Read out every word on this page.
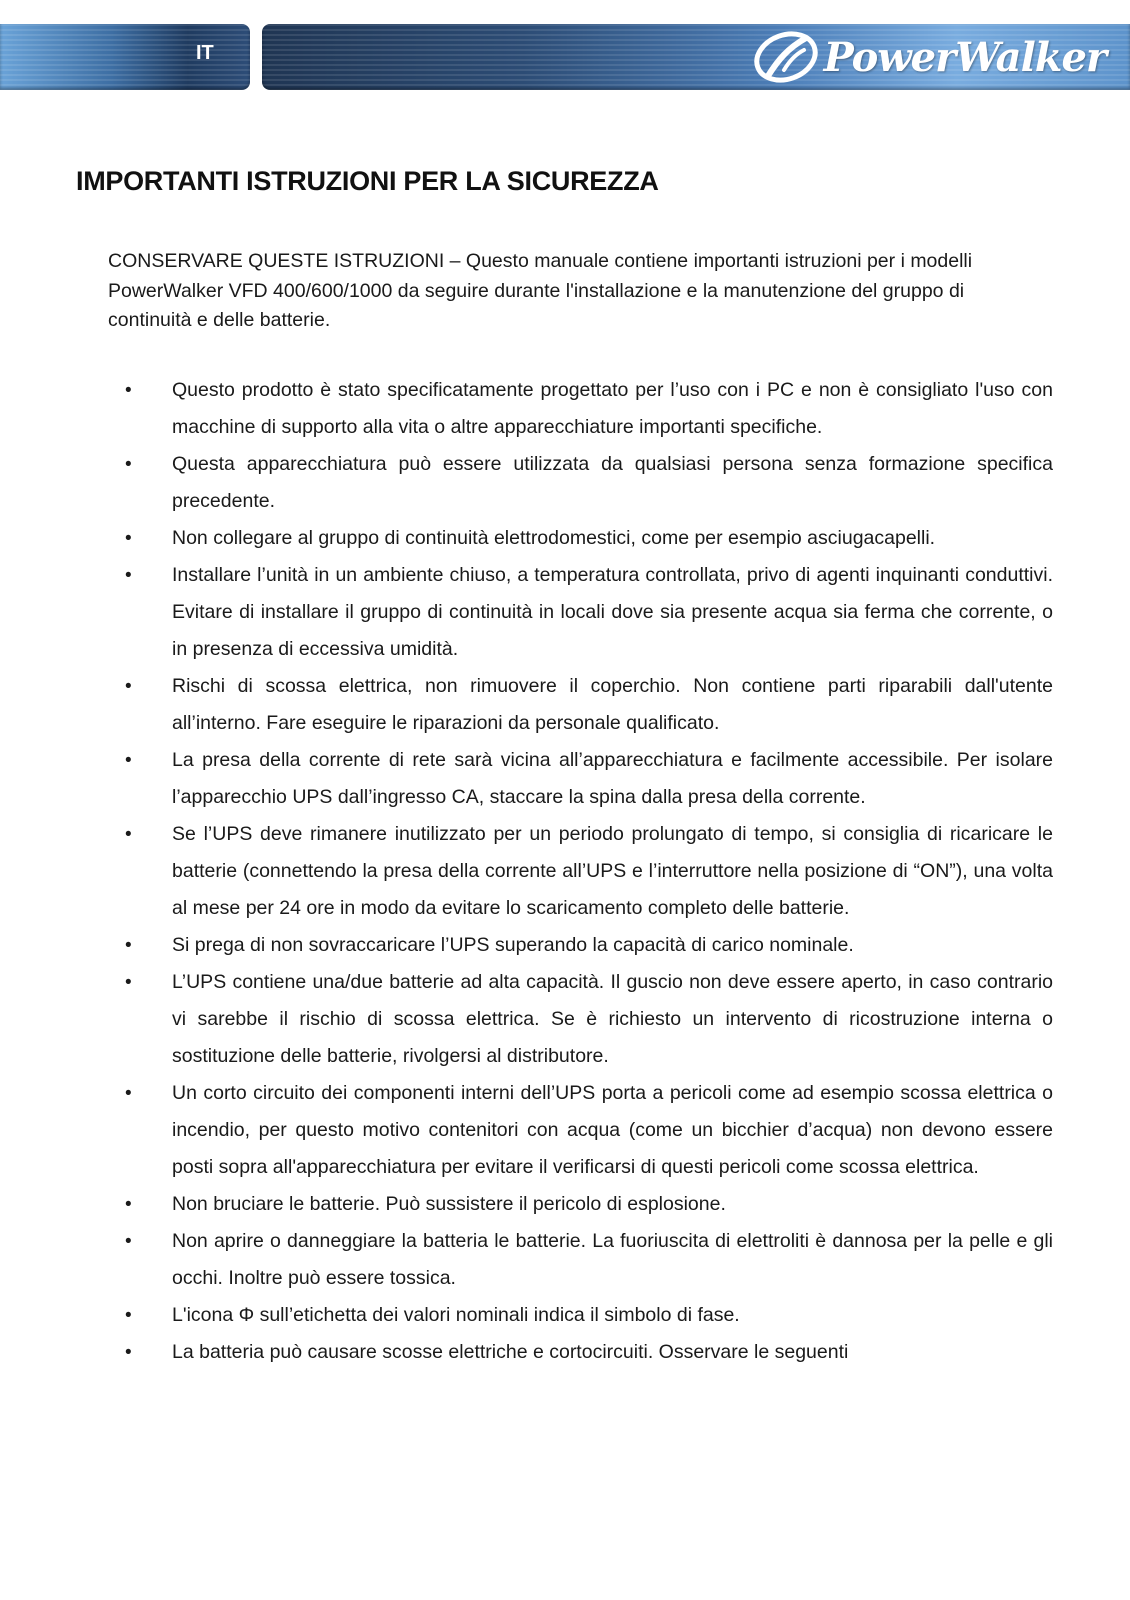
IT	PowerWalker
IMPORTANTI ISTRUZIONI PER LA SICUREZZA

CONSERVARE QUESTE ISTRUZIONI – Questo manuale contiene importanti istruzioni per i modelli PowerWalker VFD 400/600/1000 da seguire durante l'installazione e la manutenzione del gruppo di continuità e delle batterie.

• Questo prodotto è stato specificatamente progettato per l’uso con i PC e non è consigliato l'uso con macchine di supporto alla vita o altre apparecchiature importanti specifiche.
• Questa apparecchiatura può essere utilizzata da qualsiasi persona senza formazione specifica precedente.
• Non collegare al gruppo di continuità elettrodomestici, come per esempio asciugacapelli.
• Installare l’unità in un ambiente chiuso, a temperatura controllata, privo di agenti inquinanti conduttivi. Evitare di installare il gruppo di continuità in locali dove sia presente acqua sia ferma che corrente, o in presenza di eccessiva umidità.
• Rischi di scossa elettrica, non rimuovere il coperchio. Non contiene parti riparabili dall'utente all’interno. Fare eseguire le riparazioni da personale qualificato.
• La presa della corrente di rete sarà vicina all’apparecchiatura e facilmente accessibile. Per isolare l’apparecchio UPS dall’ingresso CA, staccare la spina dalla presa della corrente.
• Se l’UPS deve rimanere inutilizzato per un periodo prolungato di tempo, si consiglia di ricaricare le batterie (connettendo la presa della corrente all’UPS e l’interruttore nella posizione di “ON”), una volta al mese per 24 ore in modo da evitare lo scaricamento completo delle batterie.
• Si prega di non sovraccaricare l’UPS superando la capacità di carico nominale.
• L’UPS contiene una/due batterie ad alta capacità. Il guscio non deve essere aperto, in caso contrario vi sarebbe il rischio di scossa elettrica. Se è richiesto un intervento di ricostruzione interna o sostituzione delle batterie, rivolgersi al distributore.
• Un corto circuito dei componenti interni dell’UPS porta a pericoli come ad esempio scossa elettrica o incendio, per questo motivo contenitori con acqua (come un bicchier d’acqua) non devono essere posti sopra all'apparecchiatura per evitare il verificarsi di questi pericoli come scossa elettrica.
• Non bruciare le batterie. Può sussistere il pericolo di esplosione.
• Non aprire o danneggiare la batteria le batterie. La fuoriuscita di elettroliti è dannosa per la pelle e gli occhi. Inoltre può essere tossica.
• L'icona Φ sull’etichetta dei valori nominali indica il simbolo di fase.
• La batteria può causare scosse elettriche e cortocircuiti. Osservare le seguenti
